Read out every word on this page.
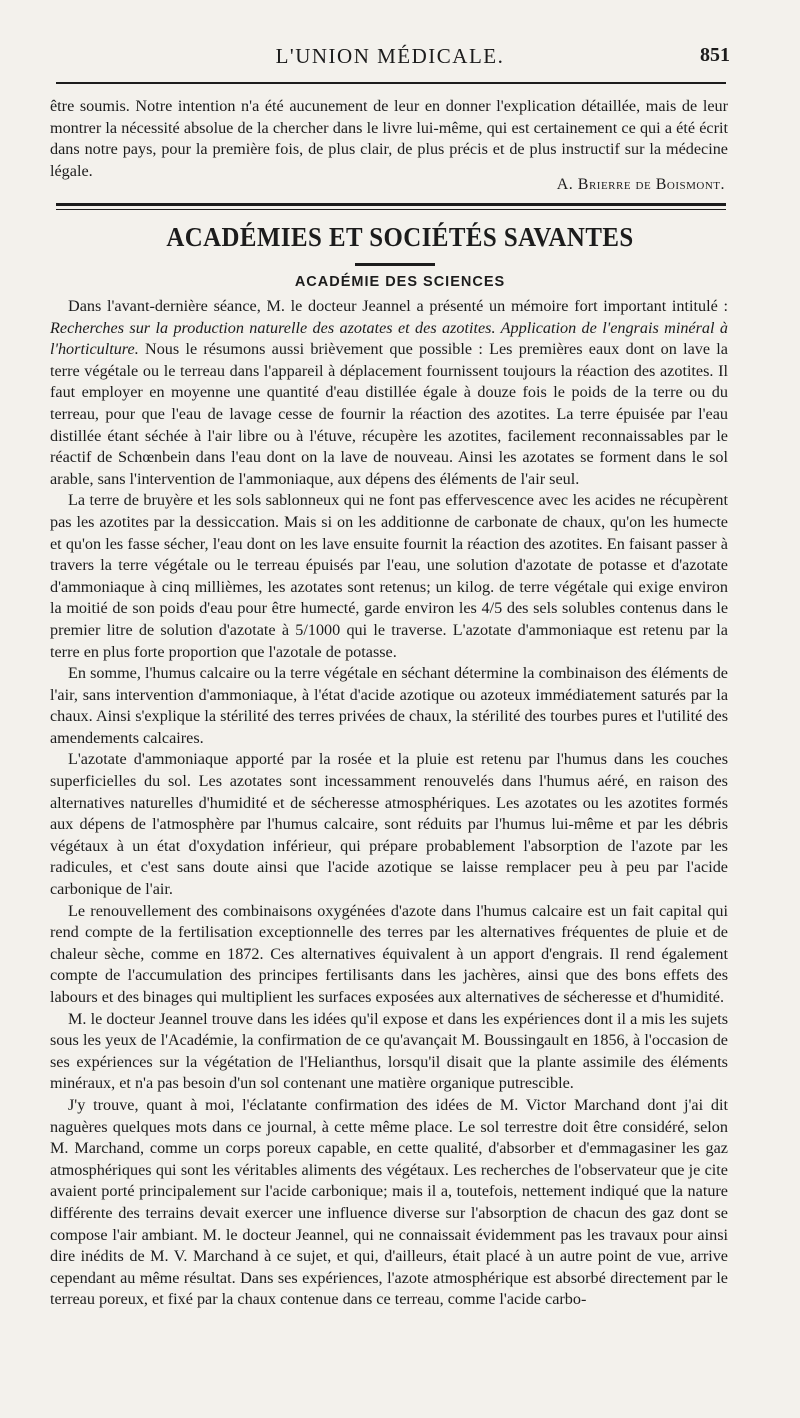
L'UNION MÉDICALE.	851

être soumis. Notre intention n'a été aucunement de leur en donner l'explication détaillée, mais de leur montrer la nécessité absolue de la chercher dans le livre lui-même, qui est certainement ce qui a été écrit dans notre pays, pour la première fois, de plus clair, de plus précis et de plus instructif sur la médecine légale.

A. Brierre de Boismont.
ACADÉMIES ET SOCIÉTÉS SAVANTES
ACADÉMIE DES SCIENCES

Dans l'avant-dernière séance, M. le docteur Jeannel a présenté un mémoire fort important intitulé : Recherches sur la production naturelle des azotates et des azotites. Application de l'engrais minéral à l'horticulture. Nous le résumons aussi brièvement que possible : Les premières eaux dont on lave la terre végétale ou le terreau dans l'appareil à déplacement fournissent toujours la réaction des azotites. Il faut employer en moyenne une quantité d'eau distillée égale à douze fois le poids de la terre ou du terreau, pour que l'eau de lavage cesse de fournir la réaction des azotites. La terre épuisée par l'eau distillée étant séchée à l'air libre ou à l'étuve, récupère les azotites, facilement reconnaissables par le réactif de Schœnbein dans l'eau dont on la lave de nouveau. Ainsi les azotates se forment dans le sol arable, sans l'intervention de l'ammoniaque, aux dépens des éléments de l'air seul.

La terre de bruyère et les sols sablonneux qui ne font pas effervescence avec les acides ne récupèrent pas les azotites par la dessiccation. Mais si on les additionne de carbonate de chaux, qu'on les humecte et qu'on les fasse sécher, l'eau dont on les lave ensuite fournit la réaction des azotites. En faisant passer à travers la terre végétale ou le terreau épuisés par l'eau, une solution d'azotate de potasse et d'azotate d'ammoniaque à cinq millièmes, les azotates sont retenus; un kilog. de terre végétale qui exige environ la moitié de son poids d'eau pour être humecté, garde environ les 4/5 des sels solubles contenus dans le premier litre de solution d'azotate à 5/1000 qui le traverse. L'azotate d'ammoniaque est retenu par la terre en plus forte proportion que l'azotale de potasse.

En somme, l'humus calcaire ou la terre végétale en séchant détermine la combinaison des éléments de l'air, sans intervention d'ammoniaque, à l'état d'acide azotique ou azoteux immédiatement saturés par la chaux. Ainsi s'explique la stérilité des terres privées de chaux, la stérilité des tourbes pures et l'utilité des amendements calcaires.

L'azotate d'ammoniaque apporté par la rosée et la pluie est retenu par l'humus dans les couches superficielles du sol. Les azotates sont incessamment renouvelés dans l'humus aéré, en raison des alternatives naturelles d'humidité et de sécheresse atmosphériques. Les azotates ou les azotites formés aux dépens de l'atmosphère par l'humus calcaire, sont réduits par l'humus lui-même et par les débris végétaux à un état d'oxydation inférieur, qui prépare probablement l'absorption de l'azote par les radicules, et c'est sans doute ainsi que l'acide azotique se laisse remplacer peu à peu par l'acide carbonique de l'air.

Le renouvellement des combinaisons oxygénées d'azote dans l'humus calcaire est un fait capital qui rend compte de la fertilisation exceptionnelle des terres par les alternatives fréquentes de pluie et de chaleur sèche, comme en 1872. Ces alternatives équivalent à un apport d'engrais. Il rend également compte de l'accumulation des principes fertilisants dans les jachères, ainsi que des bons effets des labours et des binages qui multiplient les surfaces exposées aux alternatives de sécheresse et d'humidité.

M. le docteur Jeannel trouve dans les idées qu'il expose et dans les expériences dont il a mis les sujets sous les yeux de l'Académie, la confirmation de ce qu'avançait M. Boussingault en 1856, à l'occasion de ses expériences sur la végétation de l'Helianthus, lorsqu'il disait que la plante assimile des éléments minéraux, et n'a pas besoin d'un sol contenant une matière organique putrescible.

J'y trouve, quant à moi, l'éclatante confirmation des idées de M. Victor Marchand dont j'ai dit naguères quelques mots dans ce journal, à cette même place. Le sol terrestre doit être considéré, selon M. Marchand, comme un corps poreux capable, en cette qualité, d'absorber et d'emmagasiner les gaz atmosphériques qui sont les véritables aliments des végétaux. Les recherches de l'observateur que je cite avaient porté principalement sur l'acide carbonique; mais il a, toutefois, nettement indiqué que la nature différente des terrains devait exercer une influence diverse sur l'absorption de chacun des gaz dont se compose l'air ambiant. M. le docteur Jeannel, qui ne connaissait évidemment pas les travaux pour ainsi dire inédits de M. V. Marchand à ce sujet, et qui, d'ailleurs, était placé à un autre point de vue, arrive cependant au même résultat. Dans ses expériences, l'azote atmosphérique est absorbé directement par le terreau poreux, et fixé par la chaux contenue dans ce terreau, comme l'acide carbo-
